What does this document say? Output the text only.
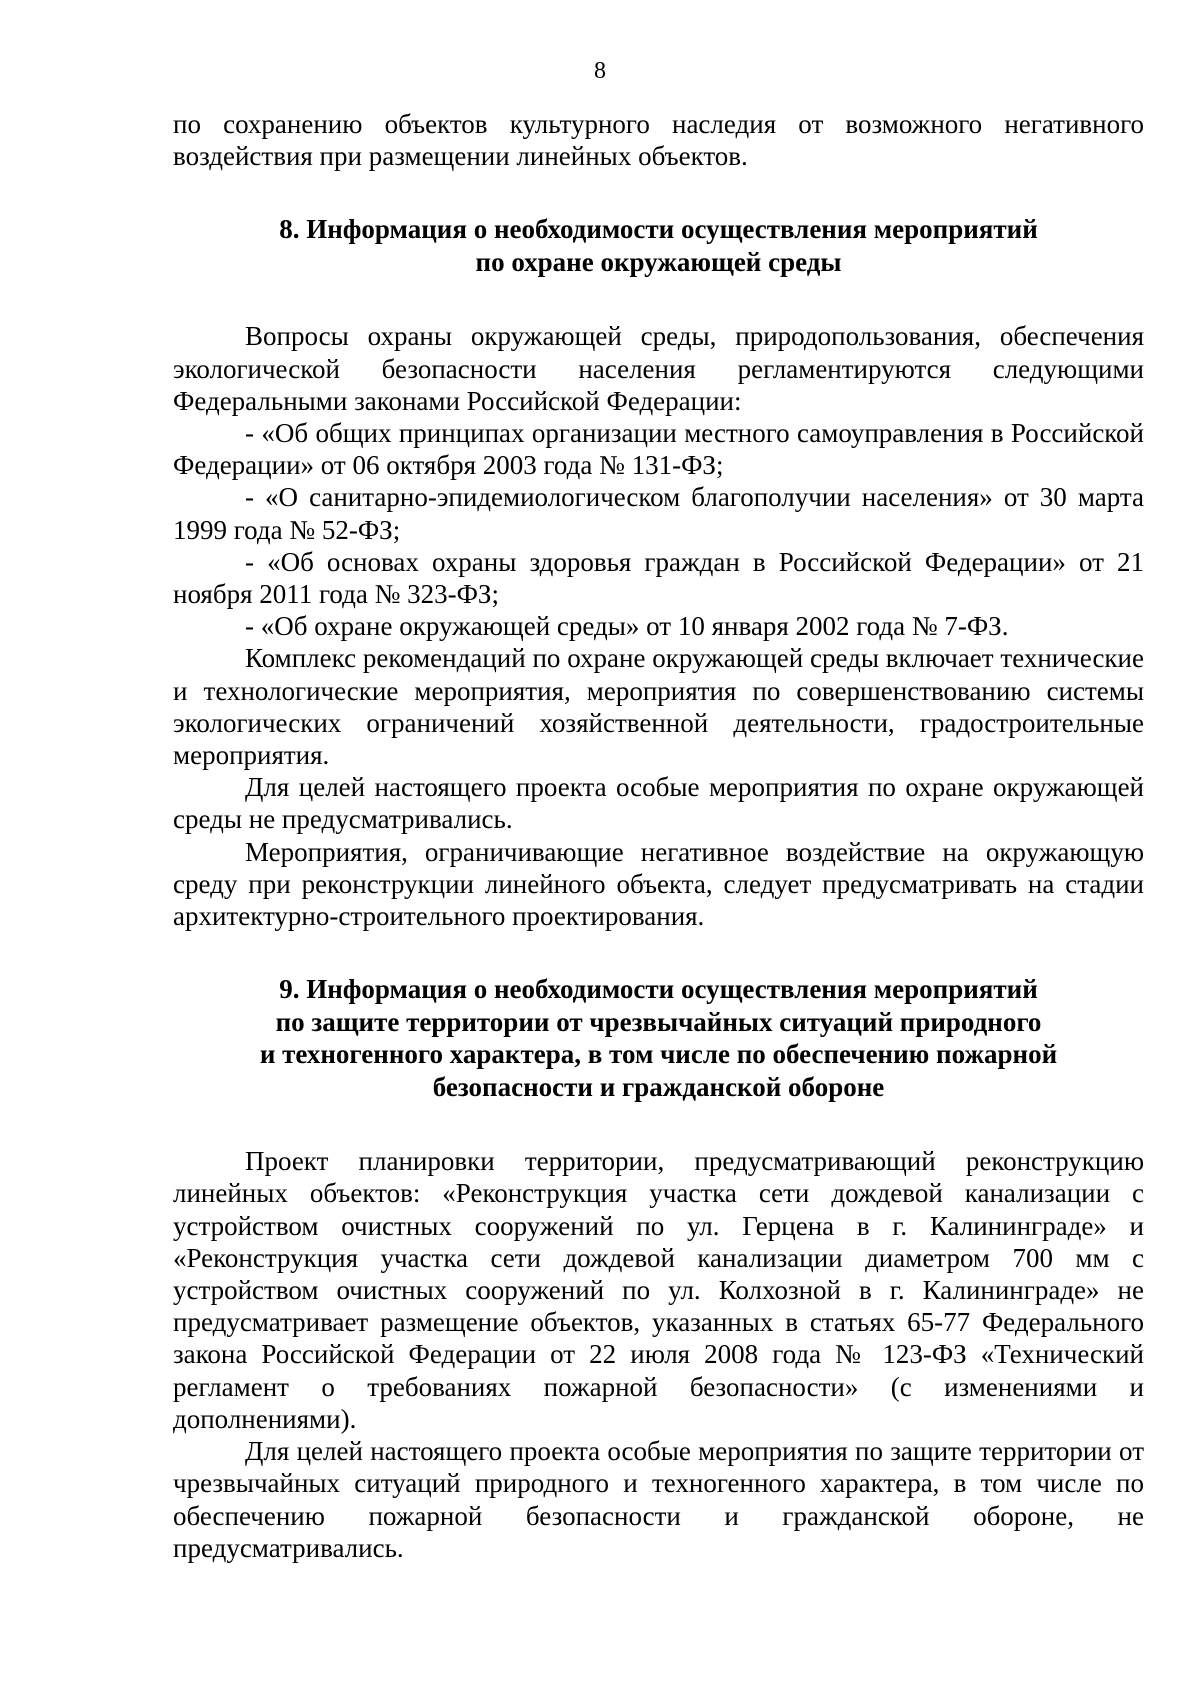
8

по сохранению объектов культурного наследия от возможного негативного воздействия при размещении линейных объектов.

8. Информация о необходимости осуществления мероприятий
по охране окружающей среды

Вопросы охраны окружающей среды, природопользования, обеспечения экологической безопасности населения регламентируются следующими Федеральными законами Российской Федерации:

- «Об общих принципах организации местного самоуправления в Российской Федерации» от 06 октября 2003 года № 131-ФЗ;

- «О санитарно-эпидемиологическом благополучии населения» от 30 марта 1999 года № 52-ФЗ;

- «Об основах охраны здоровья граждан в Российской Федерации» от 21 ноября 2011 года № 323-ФЗ;

- «Об охране окружающей среды» от 10 января 2002 года № 7-ФЗ.

Комплекс рекомендаций по охране окружающей среды включает технические и технологические мероприятия, мероприятия по совершенствованию системы экологических ограничений хозяйственной деятельности, градостроительные мероприятия.

Для целей настоящего проекта особые мероприятия по охране окружающей среды не предусматривались.

Мероприятия, ограничивающие негативное воздействие на окружающую среду при реконструкции линейного объекта, следует предусматривать на стадии архитектурно-строительного проектирования.

9. Информация о необходимости осуществления мероприятий
по защите территории от чрезвычайных ситуаций природного
и техногенного характера, в том числе по обеспечению пожарной
безопасности и гражданской обороне

Проект планировки территории, предусматривающий реконструкцию линейных объектов: «Реконструкция участка сети дождевой канализации с устройством очистных сооружений по ул. Герцена в г. Калининграде» и «Реконструкция участка сети дождевой канализации диаметром 700 мм с устройством очистных сооружений по ул. Колхозной в г. Калининграде» не предусматривает размещение объектов, указанных в статьях 65-77 Федерального закона Российской Федерации от 22 июля 2008 года № 123-ФЗ «Технический регламент о требованиях пожарной безопасности» (с изменениями и дополнениями).

Для целей настоящего проекта особые мероприятия по защите территории от чрезвычайных ситуаций природного и техногенного характера, в том числе по обеспечению пожарной безопасности и гражданской обороне, не предусматривались.
